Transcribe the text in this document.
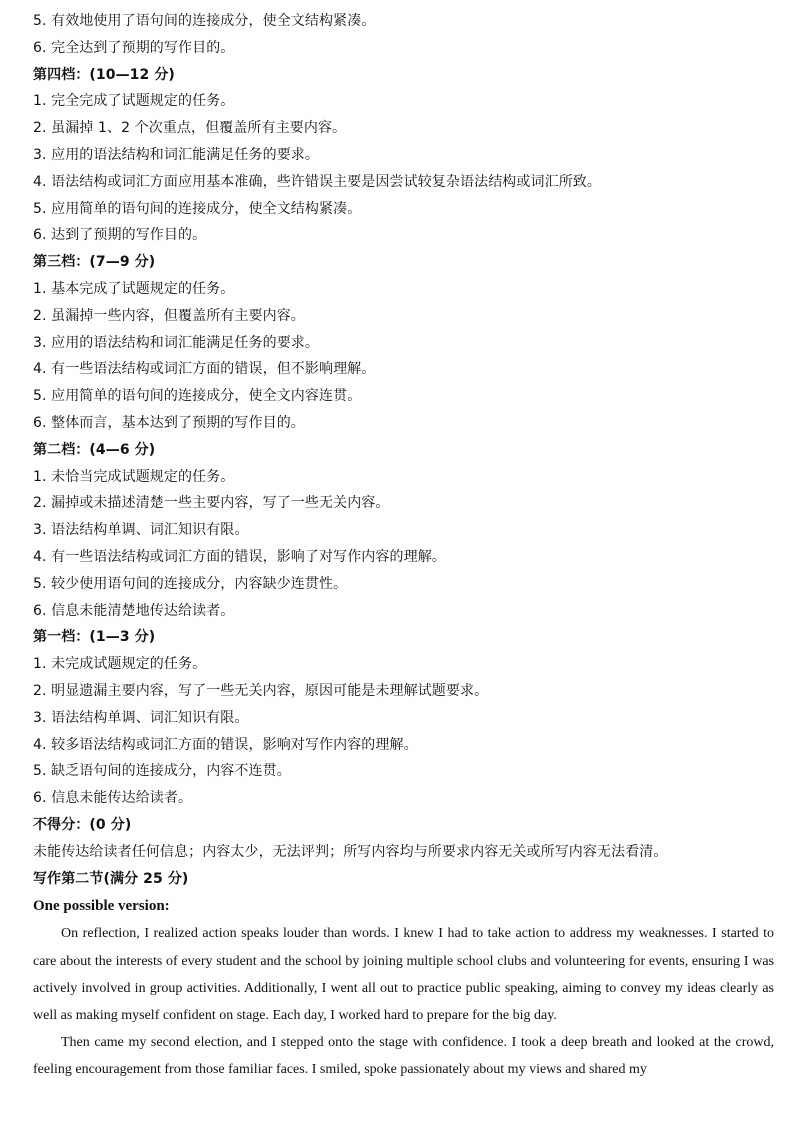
5. 有效地使用了语句间的连接成分，使全文结构紧凑。
6. 完全达到了预期的写作目的。
第四档：(10—12 分)
1. 完全完成了试题规定的任务。
2. 虽漏掉 1、2 个次重点，但覆盖所有主要内容。
3. 应用的语法结构和词汇能满足任务的要求。
4. 语法结构或词汇方面应用基本准确，些许错误主要是因尝试较复杂语法结构或词汇所致。
5. 应用简单的语句间的连接成分，使全文结构紧凑。
6. 达到了预期的写作目的。
第三档：(7—9 分)
1. 基本完成了试题规定的任务。
2. 虽漏掉一些内容，但覆盖所有主要内容。
3. 应用的语法结构和词汇能满足任务的要求。
4. 有一些语法结构或词汇方面的错误，但不影响理解。
5. 应用简单的语句间的连接成分，使全文内容连贯。
6. 整体而言，基本达到了预期的写作目的。
第二档：(4—6 分)
1. 未恰当完成试题规定的任务。
2. 漏掉或未描述清楚一些主要内容，写了一些无关内容。
3. 语法结构单调、词汇知识有限。
4. 有一些语法结构或词汇方面的错误，影响了对写作内容的理解。
5. 较少使用语句间的连接成分，内容缺少连贯性。
6. 信息未能清楚地传达给读者。
第一档：(1—3 分)
1. 未完成试题规定的任务。
2. 明显遗漏主要内容，写了一些无关内容，原因可能是未理解试题要求。
3. 语法结构单调、词汇知识有限。
4. 较多语法结构或词汇方面的错误，影响对写作内容的理解。
5. 缺乏语句间的连接成分，内容不连贯。
6. 信息未能传达给读者。
不得分：(0 分)
未能传达给读者任何信息；内容太少，无法评判；所写内容均与所要求内容无关或所写内容无法看清。
写作第二节(满分 25 分)
One possible version:

On reflection, I realized action speaks louder than words. I knew I had to take action to address my weaknesses. I started to care about the interests of every student and the school by joining multiple school clubs and volunteering for events, ensuring I was actively involved in group activities. Additionally, I went all out to practice public speaking, aiming to convey my ideas clearly as well as making myself confident on stage. Each day, I worked hard to prepare for the big day.

Then came my second election, and I stepped onto the stage with confidence. I took a deep breath and looked at the crowd, feeling encouragement from those familiar faces. I smiled, spoke passionately about my views and shared my
